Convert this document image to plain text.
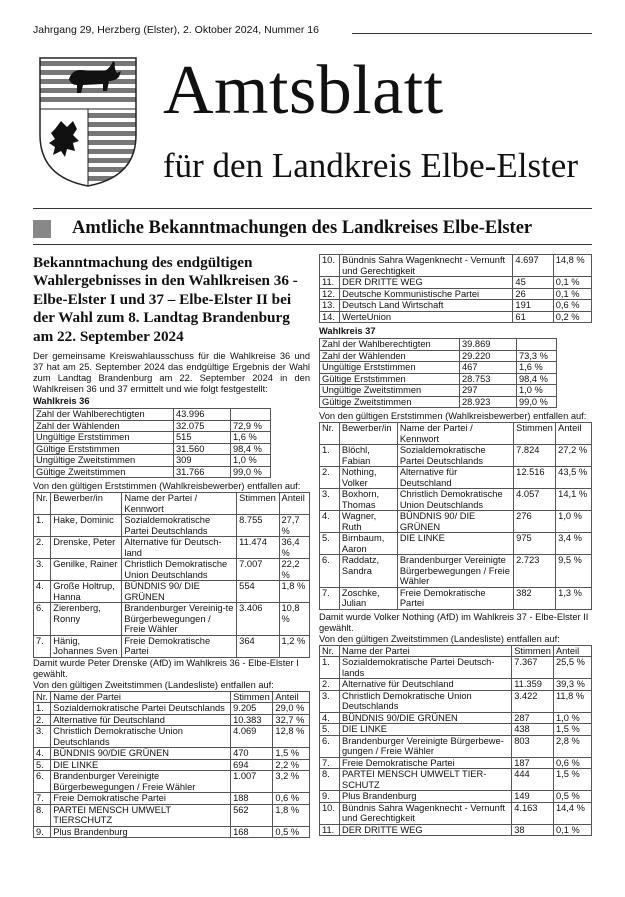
Jahrgang 29, Herzberg (Elster), 2. Oktober 2024, Nummer 16
Amtsblatt
für den Landkreis Elbe-Elster
Amtliche Bekanntmachungen des Landkreises Elbe-Elster
Bekanntmachung des endgültigen Wahlergebnisses in den Wahlkreisen 36 - Elbe-Elster I und 37 – Elbe-Elster II bei der Wahl zum 8. Landtag Brandenburg am 22. September 2024

Der gemeinsame Kreiswahlausschuss für die Wahlkreise 36 und 37 hat am 25. September 2024 das endgültige Ergebnis der Wahl zum Landtag Brandenburg am 22. September 2024 in den Wahlkreisen 36 und 37 ermittelt und wie folgt festgestellt:

Wahlkreis 36
Zahl der Wahlberechtigten	43.996	
Zahl der Wählenden	32.075	72,9 %
Ungültige Erststimmen	515	1,6 %
Gültige Erststimmen	31.560	98,4 %
Ungültige Zweitstimmen	309	1,0 %
Gültige Zweitstimmen	31.766	99,0 %
Von den gültigen Erststimmen (Wahlkreisbewerber) entfallen auf:
Nr.	Bewerber/in	Name der Partei / Kennwort	Stimmen	Anteil
1.	Hake, Dominic	Sozialdemokratische Partei Deutschlands	8.755	27,7 %
2.	Drenske, Peter	Alternative für Deutsch-land	11.474	36,4 %
3.	Genilke, Rainer	Christlich Demokratische Union Deutschlands	7.007	22,2 %
4.	Große Holtrup, Hanna	BÜNDNIS 90/ DIE GRÜNEN	554	1,8 %
6.	Zierenberg, Ronny	Brandenburger Vereinig-te Bürgerbewegungen / Freie Wähler	3.406	10,8 %
7.	Hänig, Johannes Sven	Freie Demokratische Partei	364	1,2 %
Damit wurde Peter Drenske (AfD) im Wahlkreis 36 - Elbe-Elster I gewählt.
Von den gültigen Zweitstimmen (Landesliste) entfallen auf:
Nr.	Name der Partei	Stimmen	Anteil
1.	Sozialdemokratische Partei Deutschlands	9.205	29,0 %
2.	Alternative für Deutschland	10.383	32,7 %
3.	Christlich Demokratische Union Deutschlands	4.069	12,8 %
4.	BÜNDNIS 90/DIE GRÜNEN	470	1,5 %
5.	DIE LINKE	694	2,2 %
6.	Brandenburger Vereinigte Bürgerbewegungen / Freie Wähler	1.007	3,2 %
7.	Freie Demokratische Partei	188	0,6 %
8.	PARTEI MENSCH UMWELT TIERSCHUTZ	562	1,8 %
9.	Plus Brandenburg	168	0,5 %
10.	Bündnis Sahra Wagenknecht - Vernunft und Gerechtigkeit	4.697	14,8 %
11.	DER DRITTE WEG	45	0,1 %
12.	Deutsche Kommunistische Partei	26	0,1 %
13.	Deutsch Land Wirtschaft	191	0,6 %
14.	WerteUnion	61	0,2 %
Wahlkreis 37
Zahl der Wahlberechtigten	39.869	
Zahl der Wählenden	29.220	73,3 %
Ungültige Erststimmen	467	1,6 %
Gültige Erststimmen	28.753	98,4 %
Ungültige Zweitstimmen	297	1,0 %
Gültige Zweitstimmen	28.923	99,0 %
Von den gültigen Erststimmen (Wahlkreisbewerber) entfallen auf:
Nr.	Bewerber/in	Name der Partei / Kennwort	Stimmen	Anteil
1.	Blöchl, Fabian	Sozialdemokratische Partei Deutschlands	7.824	27,2 %
2.	Nothing, Volker	Alternative für Deutschland	12.516	43,5 %
3.	Boxhorn, Thomas	Christlich Demokratische Union Deutschlands	4.057	14,1 %
4.	Wagner, Ruth	BÜNDNIS 90/ DIE GRÜNEN	276	1,0 %
5.	Birnbaum, Aaron	DIE LINKE	975	3,4 %
6.	Raddatz, Sandra	Brandenburger Vereinigte Bürgerbewegungen / Freie Wähler	2.723	9,5 %
7.	Zoschke, Julian	Freie Demokratische Partei	382	1,3 %
Damit wurde Volker Nothing (AfD) im Wahlkreis 37 - Elbe-Elster II gewählt.
Von den gültigen Zweitstimmen (Landesliste) entfallen auf:
Nr.	Name der Partei	Stimmen	Anteil
1.	Sozialdemokratische Partei Deutsch-lands	7.367	25,5 %
2.	Alternative für Deutschland	11.359	39,3 %
3.	Christlich Demokratische Union Deutschlands	3.422	11,8 %
4.	BÜNDNIS 90/DIE GRÜNEN	287	1,0 %
5.	DIE LINKE	438	1,5 %
6.	Brandenburger Vereinigte Bürgerbewe-gungen / Freie Wähler	803	2,8 %
7.	Freie Demokratische Partei	187	0,6 %
8.	PARTEI MENSCH UMWELT TIER-SCHUTZ	444	1,5 %
9.	Plus Brandenburg	149	0,5 %
10.	Bündnis Sahra Wagenknecht - Vernunft und Gerechtigkeit	4.163	14,4 %
11.	DER DRITTE WEG	38	0,1 %
